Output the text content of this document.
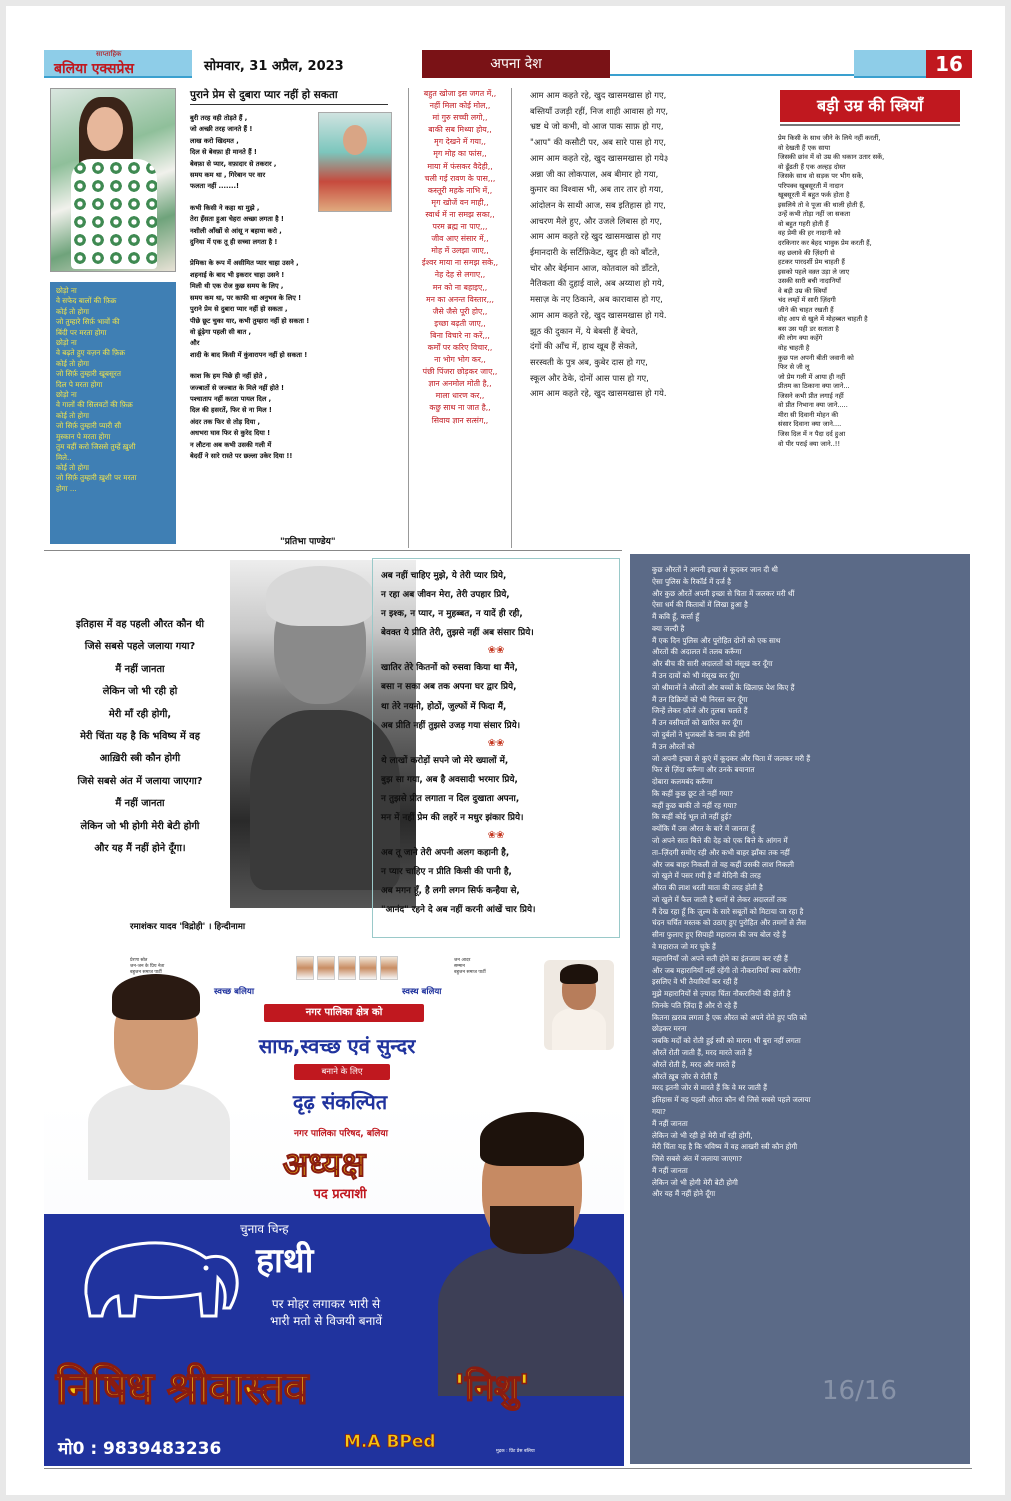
साप्ताहिक
बलिया एक्सप्रेस	सोमवार, 31 अप्रैल, 2023	अपना देश	16

छोड़ो ना

वे सफेद बालों की फ़िक्र

कोई तो होगा

जो तुम्हारे सिर्फ़ भावों की

बिंदी पर मरता होगा

छोड़ो ना

वे बढ़ते हुए वज़न की फ़िक्र

कोई तो होगा

जो सिर्फ़ तुम्हारी खूबसूरत

दिल पे मरता होगा

छोड़ो ना

वे गालों की सिलवटों की फ़िक्र

कोई तो होगा

जो सिर्फ़ तुम्हारी प्यारी सी

मुस्कान पे मरता होगा

तुम वहीं करो जिससे तुम्हें ख़ुशी

मिले..

कोई तो होगा

जो सिर्फ़ तुम्हारी ख़ुशी पर मरता

होगा ...

पुराने प्रेम से दुबारा प्यार नहीं हो सकता

बुरी तरह वही तोड़ते हैं ,

जो अच्छी तरह जानते हैं !

लाख करो खिदमत ,

दिल से बेवफ़ा ही मानते हैं !

बेवफ़ा से प्यार, वफ़ादार से तकरार ,

समय कम था , गिरेबान पर वार

फलता नहीं .......!

कभी किसी ने कहा था मुझे ,

तेरा हँसता हुआ चेहरा अच्छा लगता है !

नशीली आँखों से आंसू न बहाया करो ,

दुनिया में एक तू ही सच्चा लगता है !

प्रेमिका के रूप में असीमित प्यार चाहा उसने ,

शहनाई के बाद भी इकरार चाहा उसने !

मिली थी एक रोज कुछ समय के लिए ,

समय कम था, पर काफी था अनुभव के लिए !

पुराने प्रेम से दुबारा प्यार नहीं हो सकता ,

पीछे छूट चुका यार, कभी तुम्हारा नहीं हो सकता !

वो ढूंढ़ेगा पहली सी बात ,

और

शादी के बाद किसी में कुंवारापन नहीं हो सकता !

काश कि हम पिछे ही नहीं होते ,

जज्बातों से जज्बात के मिले नहीं होते !

पश्चाताप नहीं करता पायल दिल ,

दिल की हसरतें, फिर से ना मिल !

अंदर तक फिर से तोड़ दिया ,

अधभरा घाव फिर से कुरेद दिया !

न लौटना अब कभी उसकी गली में

बेदर्दी ने सारे रास्ते पर छल्ला उकेर दिया !!

"प्रतिभा पाण्डेय"

बहुत खोजा इस जगत में,,

नहीं मिला कोई मोल,,

मां गुरु सच्ची लगो,,

बाकी सब मिथ्या होय,,

मृग देखने में गया,,

मृग मोह का फांस,,

माया में फंसकर वैदेही,,

चली गई रावण के पास,,,

कस्तूरी महके नाभि में,,

मृग खोजें वन माही,,

स्वार्थ में ना समझ सका,,

परम ब्रह्म ना पाए,,,

जीव आए संसार में,,

मोह में उलझा जाए,,

ईश्वर माया ना समझ सके,,

नेह देह से लगाए,,

मन को ना बहाइए,,

मन का अनन्त विस्तार,,,

जैसे जैसे पूरी होए,,

इच्छा बढ़ती जाए,,

बिना विचारे ना करें,,,

कर्मों पर करिए विचार,,

ना भोग भोग कर,,

पंछी पिंजरा छोड़कर जाए,,

ज्ञान अनमोल मोती है,,

माला धारण कर,,

कछु साथ ना जात है,,

सिवाय ज्ञान सत्संग,,

आम आम कहते रहे, खुद खासमखास हो गए,

बस्तियाँ उजड़ी रहीं, निज शाही आवास हो गए,

भ्रष्ट थे जो कभी, वो आज पाक साफ़ हो गए,

"आप" की कसौटी पर, अब सारे पास हो गए,

आम आम कहते रहे, खुद खासमखास हो गये३

अन्ना जी का लोकपाल, अब बीमार हो गया,

कुमार का विश्वास भी, अब तार तार हो गया,

आंदोलन के साथी आज, सब इतिहास हो गए,

आचरण मैले हुए, और उजले लिबास हो गए,

आम आम कहते रहे खुद खासमखास हो गए

ईमानदारी के सर्टिफ़िकेट, खुद ही को बाँटते,

चोर और बेईमान आज, कोतवाल को डाँटते,

नैतिकता की दुहाई वाले, अब अय्याश हो गये,

मसाज़ के नए ठिकाने, अब कारावास हो गए,

आम आम कहते रहे, खुद खासमखास हो गये.

झूठ की दुकान में, ये बेबसी हैं बेचते,

दंगों की आँच में, हाथ खूब हैं सेकते,

सरस्वती के पुत्र अब, कुबेर दास हो गए,

स्कूल और ठेके, दोनों आस पास हो गए,

आम आम कहते रहे, खुद खासमखास हो गये.

बड़ी उम्र की स्त्रियाँ

प्रेम किसी के साथ जीने के लिये नहीं करतीं,

वो देखती हैं एक साया

जिसकी छांव में वो उम्र की थकान उतार सकें,

वो ढूँढती हैं एक अल्हड़ दोस्त

जिसके साथ वो सड़क पर भीग सकें,

परिपक्व खूबसूरती में नादान

खूबसूरती में बहुत फर्क होता है

इसलिये तो वे पूजा की थाली होती हैं,

उन्हें कभी तोड़ा नहीं जा सकता

वो बहुत गहरी होती हैं

वह प्रेमी की हर नादानी को

दरकिनार कर बेहद भावुक प्रेम करती हैं,

वह छलावे की ज़िंदगी से

हटकर पारदर्शी प्रेम चाहती हैं

इसको पहले वक़्त उड़ा ले जाए

उसकी सारी बची नादानियाँ

वे बड़ी उम्र की स्त्रियाँ

चंद लम्हों में सारी ज़िंदगी

जीने की चाहत रखती हैं

वोह आप से खुले में मोहब्बत चाहती है

बस उस यही डर सताता है

की लोग क्या कहेंगे

वोह चाहती है

कुछ पल अपनी बीती जवानी को

फिर से जी लू

जो प्रेम गली में आया ही नहीं

प्रीतम का ठिकाना क्या जाने...

जिसने कभी प्रीत लगाई नहीं

वो प्रीत निभाना क्या जाने.....

मीरा सी दिवानी मोहन की

संसार दिवाना क्या जाने....

जिस दिल में न पैदा दर्द हुआ

वो पीर पराई क्या जाने..!!

इतिहास में वह पहली औरत कौन थी

जिसे सबसे पहले जलाया गया?

मैं नहीं जानता

लेकिन जो भी रही हो

मेरी माँ रही होगी,

मेरी चिंता यह है कि भविष्य में वह

आख़िरी स्त्री कौन होगी

जिसे सबसे अंत में जलाया जाएगा?

मैं नहीं जानता

लेकिन जो भी होगी मेरी बेटी होगी

और यह मैं नहीं होने दूँगा।

रमाशंकर यादव 'विद्रोही' । हिन्दीनामा

अब नहीं चाहिए मुझे, ये तेरी प्यार प्रिये,

न रहा अब जीवन मेरा, तेरी उपहार प्रिये,

न इश्क, न प्यार, न मुहब्बत, न यादें ही रही,

बेवक्त ये प्रीति तेरी, तुझसे नहीं अब संसार प्रिये।

❀❀

खातिर तेरे कितनों को रुसवा किया था मैंने,

बसा न सका अब तक अपना घर द्वार प्रिये,

था तेरे नयनो, होठों, जुल्फों में फिदा मैं,

अब प्रीति नहीं तुझसे उजड़ गया संसार प्रिये।

❀❀

थे लाखों करोड़ों सपने जो मेरे ख्यालों में,

बुझ सा गया, अब है अवसादी भरमार प्रिये,

न तुझसे प्रीत लगाता न दिल दुखाता अपना,

मन में नहीं प्रेम की लहरें न मधुर झंकार प्रिये।

❀❀

अब तू जाने तेरी अपनी अलग कहानी है,

न प्यार चाहिए न प्रीति किसी की पानी है,

अब मगन हूँ, है लगी लगन सिर्फ कन्हैया से,

"आनंद" रहने दे अब नहीं करनी आंखें चार प्रिये।

कुछ औरतों ने अपनी इच्छा से कूदकर जान दी थी

ऐसा पुलिस के रिकॉर्ड में दर्ज है

और कुछ औरतें अपनी इच्छा से चिता में जलकर मरी थीं

ऐसा धर्म की किताबों में लिखा हुआ है

मैं कवि हूँ, कर्त्ता हूँ

क्या जल्दी है

मैं एक दिन पुलिस और पुरोहित दोनों को एक साथ

औरतों की अदालत में तलब करूँगा

और बीच की सारी अदालतों को मंसूख कर दूँगा

मैं उन दावों को भी मंसूख कर दूँगा

जो श्रीमानों ने औरतों और बच्चों के खिलाफ़ पेश किए हैं

मैं उन डिक्रियों को भी निरस्त कर दूँगा

जिन्हें लेकर फ़ौजें और तुलबा चलते हैं

मैं उन वसीयतों को खारिज कर दूँगा

जो दुर्बलों ने भुजबलों के नाम की होंगी

मैं उन औरतों को

जो अपनी इच्छा से कुएं में कूदकर और चिता में जलकर मरी हैं

फिर से ज़िंदा करूँगा और उनके बयानात

दोबारा कलमबंद करूँगा

कि कहीं कुछ छूट तो नहीं गया?

कहीं कुछ बाकी तो नहीं रह गया?

कि कहीं कोई भूल तो नहीं हुई?

क्योंकि मैं उस औरत के बारे में जानता हूँ

जो अपने सात बित्ते की देह को एक बित्ते के आंगन में

ता–ज़िंदगी समोए रही और कभी बाहर झाँका तक नहीं

और जब बाहर निकली तो वह कहीं उसकी लाश निकली

जो खुले में पसर गयी है माँ मेदिनी की तरह

औरत की लाश धरती माता की तरह होती है

जो खुले में फैल जाती है थानों से लेकर अदालतों तक

मैं देख रहा हूँ कि ज़ुल्म के सारे सबूतों को मिटाया जा रहा है

चंदन चर्चित मस्तक को उठाए हुए पुरोहित और तमगों से लैस

सीना फुलाए हुए सिपाही महाराज की जय बोल रहे हैं

वे महाराज जो मर चुके हैं

महारानियाँ जो अपने सती होने का इंतजाम कर रही हैं

और जब महारानियाँ नहीं रहेंगी तो नौकरानियाँ क्या करेंगी?

इसलिए वे भी तैयारियाँ कर रही हैं

मुझे महारानियों से ज़्यादा चिंता नौकरानियों की होती है

जिनके पति ज़िंदा हैं और रो रहे हैं

कितना ख़राब लगता है एक औरत को अपने रोते हुए पति को

छोड़कर मरना

जबकि मर्दों को रोती हुई स्त्री को मारना भी बुरा नहीं लगता

औरतें रोती जाती हैं, मरद मारते जाते हैं

औरतें रोती हैं, मरद और मारते हैं

औरतें ख़ूब ज़ोर से रोती हैं

मरद इतनी जोर से मारते हैं कि वे मर जाती हैं

इतिहास में वह पहली औरत कौन थी जिसे सबसे पहले जलाया

गया?

मैं नहीं जानता

लेकिन जो भी रही हो मेरी माँ रही होगी,

मेरी चिंता यह है कि भविष्य में वह आखरी स्त्री कौन होगी

जिसे सबसे अंत में जलाया जाएगा?

मैं नहीं जानता

लेकिन जो भी होगी मेरी बेटी होगी

और यह मैं नहीं होने दूँगा

16/16

प्रेरणा स्रोत

जन-जन के प्रिय नेता

बहुजन समाज पार्टी

जन आदर

सम्मान

बहुजन समाज पार्टी

स्वच्छ बलिया	स्वस्थ बलिया
नगर पालिका क्षेत्र को
साफ,स्वच्छ एवं सुन्दर
बनाने के लिए
दृढ़ संकल्पित
नगर पालिका परिषद, बलिया
अध्यक्ष
पद प्रत्याशी
चुनाव चिन्ह
हाथी

पर मोहर लगाकर भारी से

भारी मतो से विजयी बनावें

निषिध श्रीवास्तव	'निशु'
मो0 : 9839483236	M.A BPed	मुद्रक : प्रिंट प्रेस बलिया
